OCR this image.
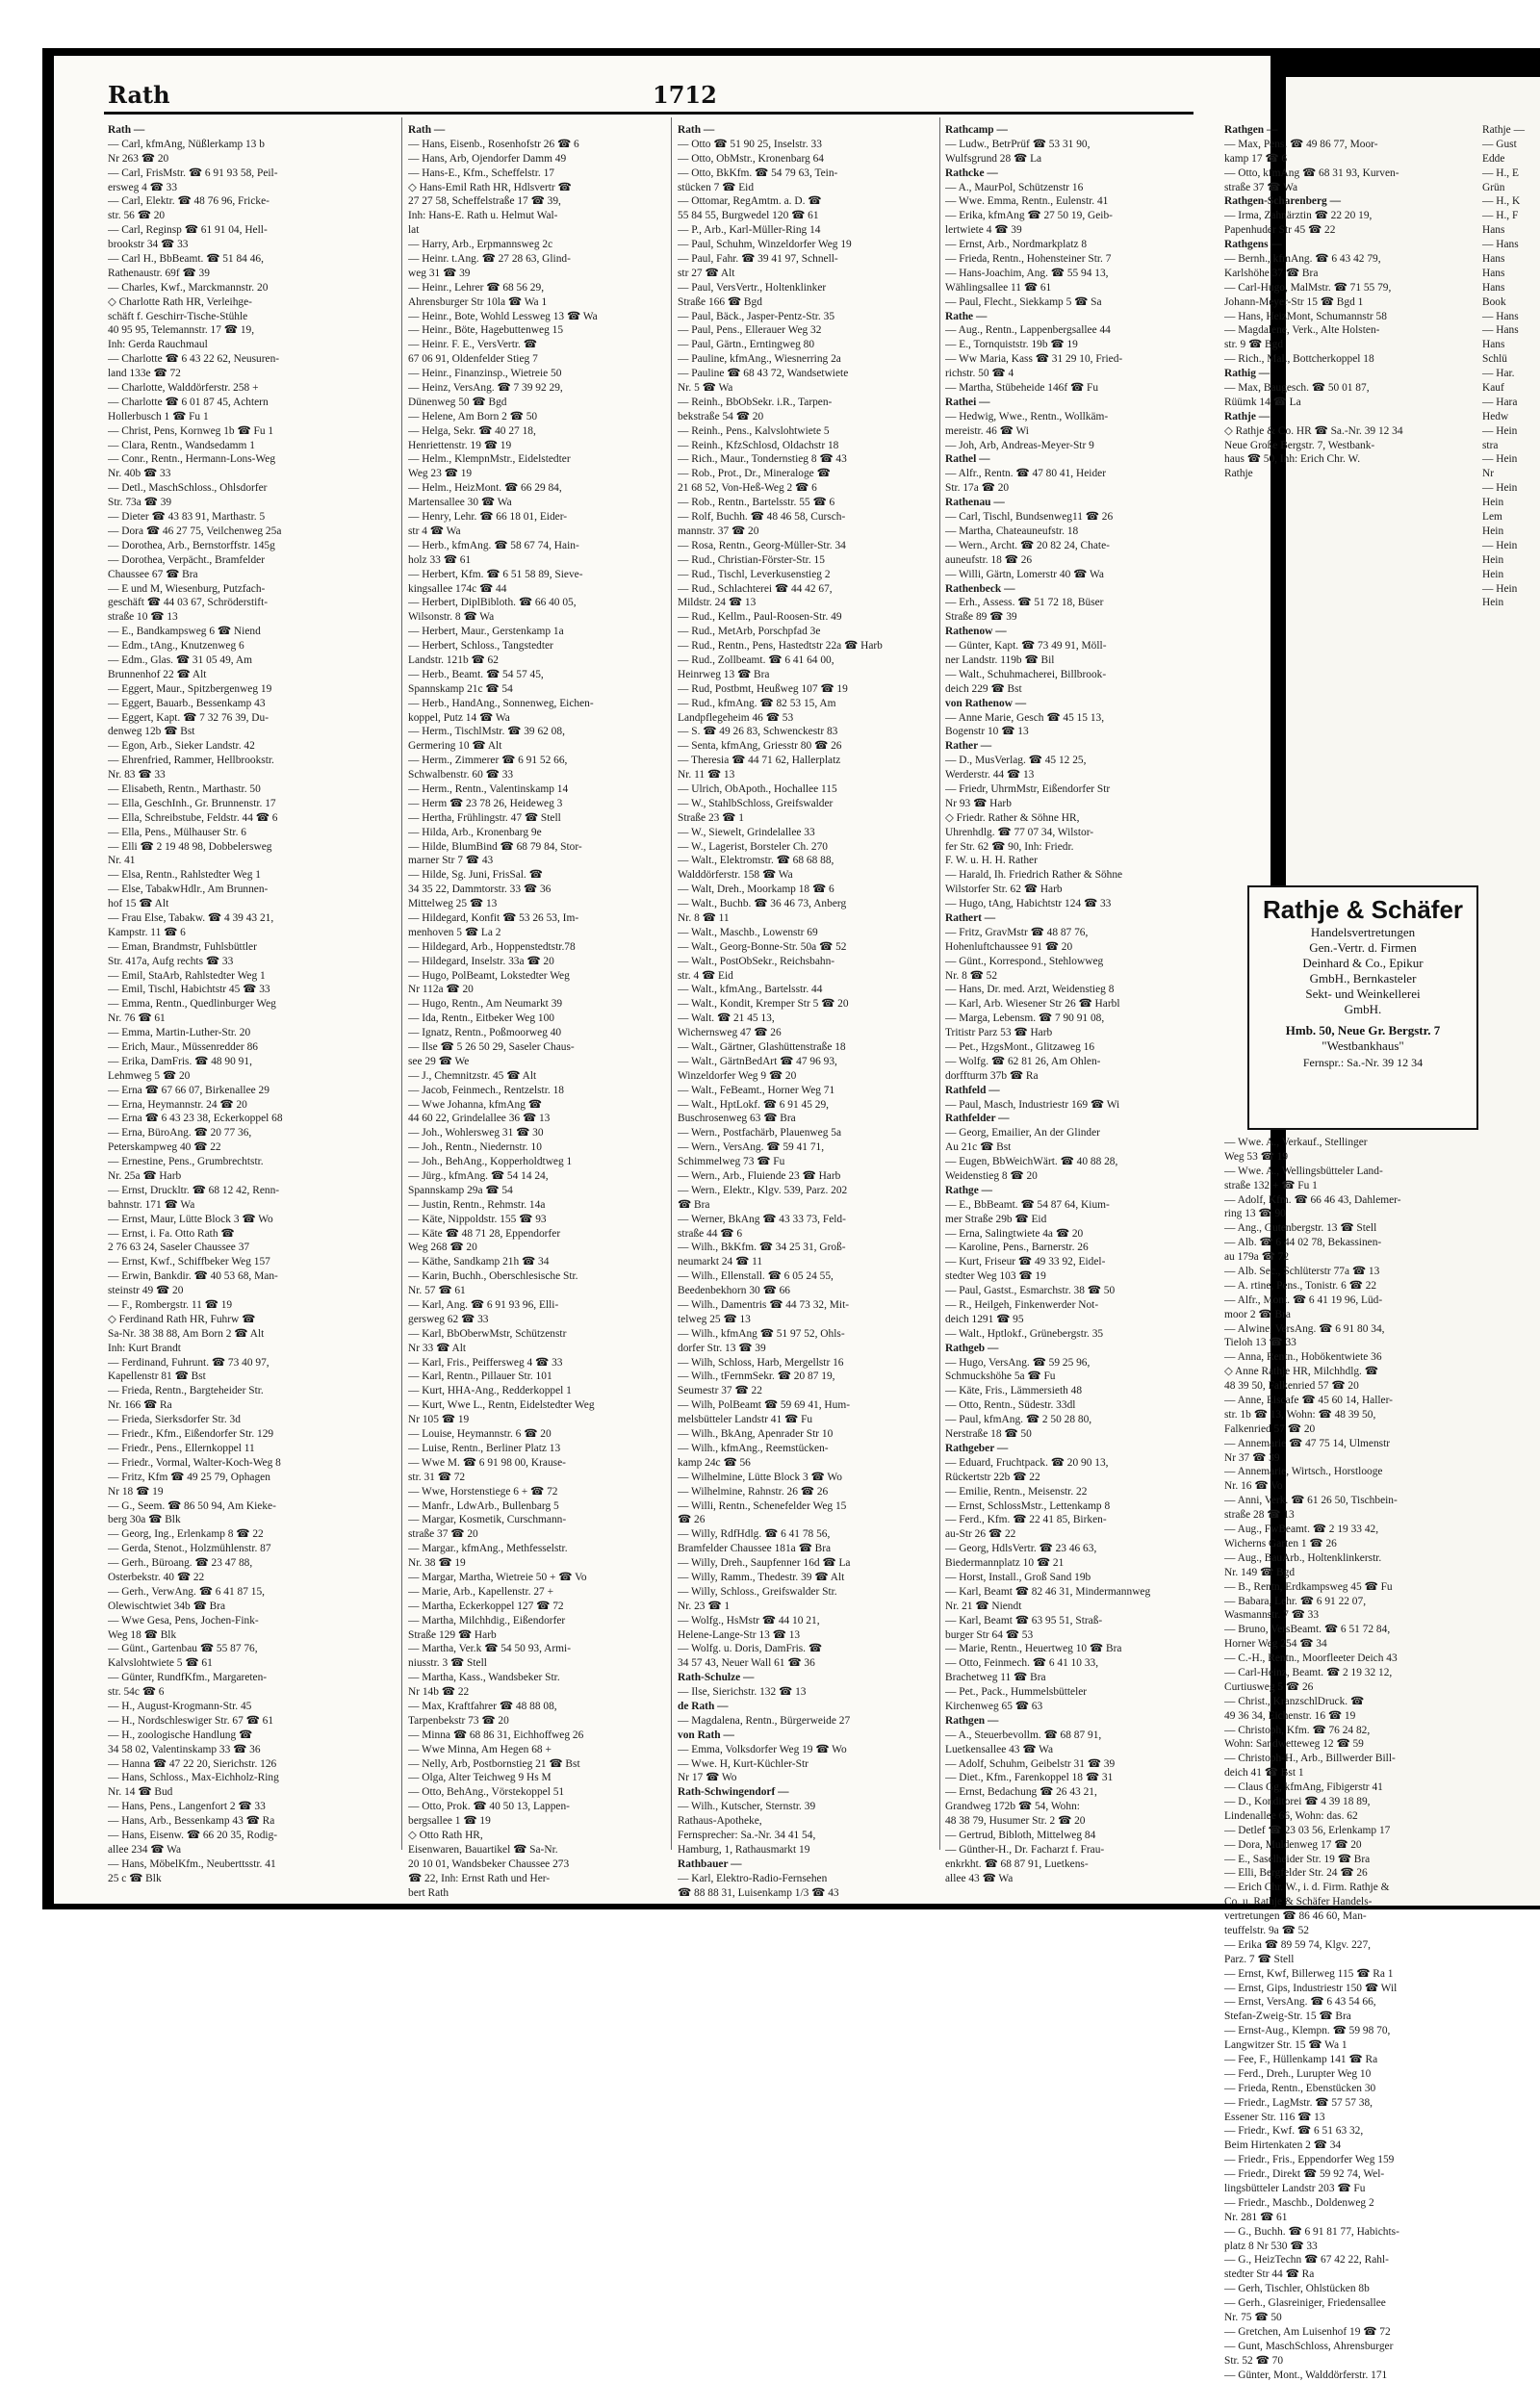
Rath	1712
Rath —
— Carl, kfmAng, Nüßlerkamp 13 b
Nr 263 ☎ 20
— Carl, FrisMstr. ☎ 6 91 93 58, Peil-
ersweg 4 ☎ 33
— Carl, Elektr. ☎ 48 76 96, Fricke-
str. 56 ☎ 20
— Carl, Reginsp ☎ 61 91 04, Hell-
brookstr 34 ☎ 33
— Carl H., BbBeamt. ☎ 51 84 46,
Rathenaustr. 69f ☎ 39
— Charles, Kwf., Marckmannstr. 20
◇ Charlotte Rath HR, Verleihge-
schäft f. Geschirr-Tische-Stühle
40 95 95, Telemannstr. 17 ☎ 19,
Inh: Gerda Rauchmaul
— Charlotte ☎ 6 43 22 62, Neusuren-
land 133e ☎ 72
— Charlotte, Walddörferstr. 258 +
— Charlotte ☎ 6 01 87 45, Achtern
Hollerbusch 1 ☎ Fu 1
— Christ, Pens, Kornweg 1b ☎ Fu 1
— Clara, Rentn., Wandsedamm 1
— Conr., Rentn., Hermann-Lons-Weg
Nr. 40b ☎ 33
— Detl., MaschSchloss., Ohlsdorfer
Str. 73a ☎ 39
— Dieter ☎ 43 83 91, Marthastr. 5
— Dora ☎ 46 27 75, Veilchenweg 25a
— Dorothea, Arb., Bernstorffstr. 145g
— Dorothea, Verpächt., Bramfelder
Chaussee 67 ☎ Bra
— E und M, Wiesenburg, Putzfach-
geschäft ☎ 44 03 67, Schröderstift-
straße 10 ☎ 13
— E., Bandkampsweg 6 ☎ Niend
— Edm., tAng., Knutzenweg 6
— Edm., Glas. ☎ 31 05 49, Am
Brunnenhof 22 ☎ Alt
— Eggert, Maur., Spitzbergenweg 19
— Eggert, Bauarb., Bessenkamp 43
— Eggert, Kapt. ☎ 7 32 76 39, Du-
denweg 12b ☎ Bst
— Egon, Arb., Sieker Landstr. 42
— Ehrenfried, Rammer, Hellbrookstr.
Nr. 83 ☎ 33
— Elisabeth, Rentn., Marthastr. 50
— Ella, GeschInh., Gr. Brunnenstr. 17
— Ella, Schreibstube, Feldstr. 44 ☎ 6
— Ella, Pens., Mülhauser Str. 6
— Elli ☎ 2 19 48 98, Dobbelersweg
Nr. 41
— Elsa, Rentn., Rahlstedter Weg 1
— Else, TabakwHdlr., Am Brunnen-
hof 15 ☎ Alt
— Frau Else, Tabakw. ☎ 4 39 43 21,
Kampstr. 11 ☎ 6
— Eman, Brandmstr, Fuhlsbüttler
Str. 417a, Aufg rechts ☎ 33
— Emil, StaArb, Rahlstedter Weg 1
— Emil, Tischl, Habichtstr 45 ☎ 33
— Emma, Rentn., Quedlinburger Weg
Nr. 76 ☎ 61
— Emma, Martin-Luther-Str. 20
— Erich, Maur., Müssenredder 86
— Erika, DamFris. ☎ 48 90 91,
Lehmweg 5 ☎ 20
— Erna ☎ 67 66 07, Birkenallee 29
— Erna, Heymannstr. 24 ☎ 20
— Erna ☎ 6 43 23 38, Eckerkoppel 68
— Erna, BüroAng. ☎ 20 77 36,
Peterskampweg 40 ☎ 22
— Ernestine, Pens., Grumbrechtstr.
Nr. 25a ☎ Harb
— Ernst, Druckltr. ☎ 68 12 42, Renn-
bahnstr. 171 ☎ Wa
— Ernst, Maur, Lütte Block 3 ☎ Wo
— Ernst, i. Fa. Otto Rath ☎
2 76 63 24, Saseler Chaussee 37
— Ernst, Kwf., Schiffbeker Weg 157
— Erwin, Bankdir. ☎ 40 53 68, Man-
steinstr 49 ☎ 20
— F., Rombergstr. 11 ☎ 19
◇ Ferdinand Rath HR, Fuhrw ☎
Sa-Nr. 38 38 88, Am Born 2 ☎ Alt
Inh: Kurt Brandt
— Ferdinand, Fuhrunt. ☎ 73 40 97,
Kapellenstr 81 ☎ Bst
— Frieda, Rentn., Bargteheider Str.
Nr. 166 ☎ Ra
— Frieda, Sierksdorfer Str. 3d
— Friedr., Kfm., Eißendorfer Str. 129
— Friedr., Pens., Ellernkoppel 11
— Friedr., Vormal, Walter-Koch-Weg 8
— Fritz, Kfm ☎ 49 25 79, Ophagen
Nr 18 ☎ 19
— G., Seem. ☎ 86 50 94, Am Kieke-
berg 30a ☎ Blk
— Georg, Ing., Erlenkamp 8 ☎ 22
— Gerda, Stenot., Holzmühlenstr. 87
— Gerh., Büroang. ☎ 23 47 88,
Osterbekstr. 40 ☎ 22
— Gerh., VerwAng. ☎ 6 41 87 15,
Olewischtwiet 34b ☎ Bra
— Wwe Gesa, Pens, Jochen-Fink-
Weg 18 ☎ Blk
— Günt., Gartenbau ☎ 55 87 76,
Kalvslohtwiete 5 ☎ 61
— Günter, RundfKfm., Margareten-
str. 54c ☎ 6
— H., August-Krogmann-Str. 45
— H., Nordschleswiger Str. 67 ☎ 61
— H., zoologische Handlung ☎
34 58 02, Valentinskamp 33 ☎ 36
— Hanna ☎ 47 22 20, Sierichstr. 126
— Hans, Schloss., Max-Eichholz-Ring
Nr. 14 ☎ Bud
— Hans, Pens., Langenfort 2 ☎ 33
— Hans, Arb., Bessenkamp 43 ☎ Ra
— Hans, Eisenw. ☎ 66 20 35, Rodig-
allee 234 ☎ Wa
— Hans, MöbelKfm., Neuberttsstr. 41
25 c ☎ Blk
Rath —
— Hans, Eisenb., Rosenhofstr 26 ☎ 6
— Hans, Arb, Ojendorfer Damm 49
— Hans-E., Kfm., Scheffelstr. 17
◇ Hans-Emil Rath HR, Hdlsvertr ☎
27 27 58, Scheffelstraße 17 ☎ 39,
Inh: Hans-E. Rath u. Helmut Wal-
lat
— Harry, Arb., Erpmannsweg 2c
— Heinr. t.Ang. ☎ 27 28 63, Glind-
weg 31 ☎ 39
— Heinr., Lehrer ☎ 68 56 29,
Ahrensburger Str 10la ☎ Wa 1
— Heinr., Bote, Wohld Lessweg 13 ☎ Wa
— Heinr., Böte, Hagebuttenweg 15
— Heinr. F. E., VersVertr. ☎
67 06 91, Oldenfelder Stieg 7
— Heinr., Finanzinsp., Wietreie 50
— Heinz, VersAng. ☎ 7 39 92 29,
Dünenweg 50 ☎ Bgd
— Helene, Am Born 2 ☎ 50
— Helga, Sekr. ☎ 40 27 18,
Henriettenstr. 19 ☎ 19
— Helm., KlempnMstr., Eidelstedter
Weg 23 ☎ 19
— Helm., HeizMont. ☎ 66 29 84,
Martensallee 30 ☎ Wa
— Henry, Lehr. ☎ 66 18 01, Eider-
str 4 ☎ Wa
— Herb., kfmAng. ☎ 58 67 74, Hain-
holz 33 ☎ 61
— Herbert, Kfm. ☎ 6 51 58 89, Sieve-
kingsallee 174c ☎ 44
— Herbert, DiplBibloth. ☎ 66 40 05,
Wilsonstr. 8 ☎ Wa
— Herbert, Maur., Gerstenkamp 1a
— Herbert, Schloss., Tangstedter
Landstr. 121b ☎ 62
— Herb., Beamt. ☎ 54 57 45,
Spannskamp 21c ☎ 54
— Herb., HandAng., Sonnenweg, Eichen-
koppel, Putz 14 ☎ Wa
— Herm., TischlMstr. ☎ 39 62 08,
Germering 10 ☎ Alt
— Herm., Zimmerer ☎ 6 91 52 66,
Schwalbenstr. 60 ☎ 33
— Herm., Rentn., Valentinskamp 14
— Herm ☎ 23 78 26, Heideweg 3
— Hertha, Frühlingstr. 47 ☎ Stell
— Hilda, Arb., Kronenbarg 9e
— Hilde, BlumBind ☎ 68 79 84, Stor-
marner Str 7 ☎ 43
— Hilde, Sg. Juni, FrisSal. ☎
34 35 22, Dammtorstr. 33 ☎ 36
Mittelweg 25 ☎ 13
— Hildegard, Konfit ☎ 53 26 53, Im-
menhoven 5 ☎ La 2
— Hildegard, Arb., Hoppenstedtstr.78
— Hildegard, Inselstr. 33a ☎ 20
— Hugo, PolBeamt, Lokstedter Weg
Nr 112a ☎ 20
— Hugo, Rentn., Am Neumarkt 39
— Ida, Rentn., Eitbeker Weg 100
— Ignatz, Rentn., Poßmoorweg 40
— Ilse ☎ 5 26 50 29, Saseler Chaus-
see 29 ☎ We
— J., Chemnitzstr. 45 ☎ Alt
— Jacob, Feinmech., Rentzelstr. 18
— Wwe Johanna, kfmAng ☎
44 60 22, Grindelallee 36 ☎ 13
— Joh., Wohlersweg 31 ☎ 30
— Joh., Rentn., Niedernstr. 10
— Joh., BehAng., Kopperholdtweg 1
— Jürg., kfmAng. ☎ 54 14 24,
Spannskamp 29a ☎ 54
— Justin, Rentn., Rehmstr. 14a
— Käte, Nippoldstr. 155 ☎ 93
— Käte ☎ 48 71 28, Eppendorfer
Weg 268 ☎ 20
— Käthe, Sandkamp 21h ☎ 34
— Karin, Buchh., Oberschlesische Str.
Nr. 57 ☎ 61
— Karl, Ang. ☎ 6 91 93 96, Elli-
gersweg 62 ☎ 33
— Karl, BbOberwMstr, Schützenstr
Nr 33 ☎ Alt
— Karl, Fris., Peiffersweg 4 ☎ 33
— Karl, Rentn., Pillauer Str. 101
— Kurt, HHA-Ang., Redderkoppel 1
— Kurt, Wwe L., Rentn, Eidelstedter Weg
Nr 105 ☎ 19
— Louise, Heymannstr. 6 ☎ 20
— Luise, Rentn., Berliner Platz 13
— Wwe M. ☎ 6 91 98 00, Krause-
str. 31 ☎ 72
— Wwe, Horstenstiege 6 + ☎ 72
— Manfr., LdwArb., Bullenbarg 5
— Margar, Kosmetik, Curschmann-
straße 37 ☎ 20
— Margar., kfmAng., Methfesselstr.
Nr. 38 ☎ 19
— Margar, Martha, Wietreie 50 + ☎ Vo
— Marie, Arb., Kapellenstr. 27 +
— Martha, Eckerkoppel 127 ☎ 72
— Martha, Milchhdig., Eißendorfer
Straße 129 ☎ Harb
— Martha, Ver.k ☎ 54 50 93, Armi-
niusstr. 3 ☎ Stell
— Martha, Kass., Wandsbeker Str.
Nr 14b ☎ 22
— Max, Kraftfahrer ☎ 48 88 08,
Tarpenbekstr 73 ☎ 20
— Minna ☎ 68 86 31, Eichhoffweg 26
— Wwe Minna, Am Hegen 68 +
— Nelly, Arb, Postbornstieg 21 ☎ Bst
— Olga, Alter Teichweg 9 Hs M
— Otto, BehAng., Vörstekoppel 51
— Otto, Prok. ☎ 40 50 13, Lappen-
bergsallee 1 ☎ 19
◇ Otto Rath HR,
Eisenwaren, Bauartikel ☎ Sa-Nr.
20 10 01, Wandsbeker Chaussee 273
☎ 22, Inh: Ernst Rath und Her-
bert Rath
Rath —
— Otto ☎ 51 90 25, Inselstr. 33
— Otto, ObMstr., Kronenbarg 64
— Otto, BkKfm. ☎ 54 79 63, Tein-
stücken 7 ☎ Eid
— Ottomar, RegAmtm. a. D. ☎
55 84 55, Burgwedel 120 ☎ 61
— P., Arb., Karl-Müller-Ring 14
— Paul, Schuhm, Winzeldorfer Weg 19
— Paul, Fahr. ☎ 39 41 97, Schnell-
str 27 ☎ Alt
— Paul, VersVertr., Holtenklinker
Straße 166 ☎ Bgd
— Paul, Bäck., Jasper-Pentz-Str. 35
— Paul, Pens., Ellerauer Weg 32
— Paul, Gärtn., Erntingweg 80
— Pauline, kfmAng., Wiesnerring 2a
— Pauline ☎ 68 43 72, Wandsetwiete
Nr. 5 ☎ Wa
— Reinh., BbObSekr. i.R., Tarpen-
bekstraße 54 ☎ 20
— Reinh., Pens., Kalvslohtwiete 5
— Reinh., KfzSchlosd, Oldachstr 18
— Rich., Maur., Tondernstieg 8 ☎ 43
— Rob., Prot., Dr., Mineraloge ☎
21 68 52, Von-Heß-Weg 2 ☎ 6
— Rob., Rentn., Bartelsstr. 55 ☎ 6
— Rolf, Buchh. ☎ 48 46 58, Cursch-
mannstr. 37 ☎ 20
— Rosa, Rentn., Georg-Müller-Str. 34
— Rud., Christian-Förster-Str. 15
— Rud., Tischl, Leverkusenstieg 2
— Rud., Schlachterei ☎ 44 42 67,
Mildstr. 24 ☎ 13
— Rud., Kellm., Paul-Roosen-Str. 49
— Rud., MetArb, Porschpfad 3e
— Rud., Rentn., Pens, Hastedtstr 22a ☎ Harb
— Rud., Zollbeamt. ☎ 6 41 64 00,
Heinrweg 13 ☎ Bra
— Rud, Postbmt, Heußweg 107 ☎ 19
— Rud., kfmAng. ☎ 82 53 15, Am
Landpflegeheim 46 ☎ 53
— S. ☎ 49 26 83, Schwenckestr 83
— Senta, kfmAng, Griesstr 80 ☎ 26
— Theresia ☎ 44 71 62, Hallerplatz
Nr. 11 ☎ 13
— Ulrich, ObApoth., Hochallee 115
— W., StahlbSchloss, Greifswalder
Straße 23 ☎ 1
— W., Siewelt, Grindelallee 33
— W., Lagerist, Borsteler Ch. 270
— Walt., Elektromstr. ☎ 68 68 88,
Walddörferstr. 158 ☎ Wa
— Walt, Dreh., Moorkamp 18 ☎ 6
— Walt., Buchb. ☎ 36 46 73, Anberg
Nr. 8 ☎ 11
— Walt., Maschb., Lowenstr 69
— Walt., Georg-Bonne-Str. 50a ☎ 52
— Walt., PostObSekr., Reichsbahn-
str. 4 ☎ Eid
— Walt., kfmAng., Bartelsstr. 44
— Walt., Kondit, Kremper Str 5 ☎ 20
— Walt. ☎ 21 45 13,
Wichernsweg 47 ☎ 26
— Walt., Gärtner, Glashüttenstraße 18
— Walt., GärtnBedArt ☎ 47 96 93,
Winzeldorfer Weg 9 ☎ 20
— Walt., FeBeamt., Horner Weg 71
— Walt., HptLokf. ☎ 6 91 45 29,
Buschrosenweg 63 ☎ Bra
— Wern., Postfachärb, Plauenweg 5a
— Wern., VersAng. ☎ 59 41 71,
Schimmelweg 73 ☎ Fu
— Wern., Arb., Fluiende 23 ☎ Harb
— Wern., Elektr., Klgv. 539, Parz. 202
☎ Bra
— Werner, BkAng ☎ 43 33 73, Feld-
straße 44 ☎ 6
— Wilh., BkKfm. ☎ 34 25 31, Groß-
neumarkt 24 ☎ 11
— Wilh., Ellenstall. ☎ 6 05 24 55,
Beedenbekhorn 30 ☎ 66
— Wilh., Damentris ☎ 44 73 32, Mit-
telweg 25 ☎ 13
— Wilh., kfmAng ☎ 51 97 52, Ohls-
dorfer Str. 13 ☎ 39
— Wilh, Schloss, Harb, Mergellstr 16
— Wilh., tFernmSekr. ☎ 20 87 19,
Seumestr 37 ☎ 22
— Wilh, PolBeamt ☎ 59 69 41, Hum-
melsbütteler Landstr 41 ☎ Fu
— Wilh., BkAng, Apenrader Str 10
— Wilh., kfmAng., Reemstücken-
kamp 24c ☎ 56
— Wilhelmine, Lütte Block 3 ☎ Wo
— Wilhelmine, Rahnstr. 26 ☎ 26
— Willi, Rentn., Schenefelder Weg 15
☎ 26
— Willy, RdfHdlg. ☎ 6 41 78 56,
Bramfelder Chaussee 181a ☎ Bra
— Willy, Dreh., Saupfenner 16d ☎ La
— Willy, Ramm., Thedestr. 39 ☎ Alt
— Willy, Schloss., Greifswalder Str.
Nr. 23 ☎ 1
— Wolfg., HsMstr ☎ 44 10 21,
Helene-Lange-Str 13 ☎ 13
— Wolfg. u. Doris, DamFris. ☎
34 57 43, Neuer Wall 61 ☎ 36
Rath-Schulze —
— Ilse, Sierichstr. 132 ☎ 13
de Rath —
— Magdalena, Rentn., Bürgerweide 27
von Rath —
— Emma, Volksdorfer Weg 19 ☎ Wo
— Wwe. H, Kurt-Küchler-Str
Nr 17 ☎ Wo
Rath-Schwingendorf —
— Wilh., Kutscher, Sternstr. 39
Rathaus-Apotheke,
Fernsprecher: Sa.-Nr. 34 41 54,
Hamburg, 1, Rathausmarkt 19
Rathbauer —
— Karl, Elektro-Radio-Fernsehen
☎ 88 88 31, Luisenkamp 1/3 ☎ 43
Rathcamp —
— Ludw., BetrPrüf ☎ 53 31 90,
Wulfsgrund 28 ☎ La
Rathcke —
— A., MaurPol, Schützenstr 16
— Wwe. Emma, Rentn., Eulenstr. 41
— Erika, kfmAng ☎ 27 50 19, Geib-
lertwiete 4 ☎ 39
— Ernst, Arb., Nordmarkplatz 8
— Frieda, Rentn., Hohensteiner Str. 7
— Hans-Joachim, Ang. ☎ 55 94 13,
Wählingsallee 11 ☎ 61
— Paul, Flecht., Siekkamp 5 ☎ Sa
Rathe —
— Aug., Rentn., Lappenbergsallee 44
— E., Tornquiststr. 19b ☎ 19
— Ww Maria, Kass ☎ 31 29 10, Fried-
richstr. 50 ☎ 4
— Martha, Stübeheide 146f ☎ Fu
Rathei —
— Hedwig, Wwe., Rentn., Wollkäm-
mereistr. 46 ☎ Wi
— Joh, Arb, Andreas-Meyer-Str 9
Rathel —
— Alfr., Rentn. ☎ 47 80 41, Heider
Str. 17a ☎ 20
Rathenau —
— Carl, Tischl, Bundsenweg11 ☎ 26
— Martha, Chateauneufstr. 18
— Wern., Archt. ☎ 20 82 24, Chate-
auneufstr. 18 ☎ 26
— Willi, Gärtn, Lomerstr 40 ☎ Wa
Rathenbeck —
— Erh., Assess. ☎ 51 72 18, Büser
Straße 89 ☎ 39
Rathenow —
— Günter, Kapt. ☎ 73 49 91, Möll-
ner Landstr. 119b ☎ Bil
— Walt., Schuhmacherei, Billbrook-
deich 229 ☎ Bst
von Rathenow —
— Anne Marie, Gesch ☎ 45 15 13,
Bogenstr 10 ☎ 13
Rather —
— D., MusVerlag. ☎ 45 12 25,
Werderstr. 44 ☎ 13
— Friedr, UhrmMstr, Eißendorfer Str
Nr 93 ☎ Harb
◇ Friedr. Rather & Söhne HR,
Uhrenhdlg. ☎ 77 07 34, Wilstor-
fer Str. 62 ☎ 90, Inh: Friedr.
F. W. u. H. H. Rather
— Harald, Ih. Friedrich Rather & Söhne
Wilstorfer Str. 62 ☎ Harb
— Hugo, tAng, Habichtstr 124 ☎ 33
Rathert —
— Fritz, GravMstr ☎ 48 87 76,
Hohenluftchaussee 91 ☎ 20
— Günt., Korrespond., Stehlowweg
Nr. 8 ☎ 52
— Hans, Dr. med. Arzt, Weidenstieg 8
— Karl, Arb. Wiesener Str 26 ☎ Harbl
— Marga, Lebensm. ☎ 7 90 91 08,
Tritistr Parz 53 ☎ Harb
— Pet., HzgsMont., Glitzaweg 16
— Wolfg. ☎ 62 81 26, Am Ohlen-
dorffturm 37b ☎ Ra
Rathfeld —
— Paul, Masch, Industriestr 169 ☎ Wi
Rathfelder —
— Georg, Emailier, An der Glinder
Au 21c ☎ Bst
— Eugen, BbWeichWärt. ☎ 40 88 28,
Weidenstieg 8 ☎ 20
Rathge —
— E., BbBeamt. ☎ 54 87 64, Kium-
mer Straße 29b ☎ Eid
— Erna, Salingtwiete 4a ☎ 20
— Karoline, Pens., Barnerstr. 26
— Kurt, Friseur ☎ 49 33 92, Eidel-
stedter Weg 103 ☎ 19
— Paul, Gastst., Esmarchstr. 38 ☎ 50
— R., Heilgeh, Finkenwerder Not-
deich 1291 ☎ 95
— Walt., Hptlokf., Grünebergstr. 35
Rathgeb —
— Hugo, VersAng. ☎ 59 25 96,
Schmuckshöhe 5a ☎ Fu
— Käte, Fris., Lämmersieth 48
— Otto, Rentn., Südestr. 33dl
— Paul, kfmAng. ☎ 2 50 28 80,
Nerstraße 18 ☎ 50
Rathgeber —
— Eduard, Fruchtpack. ☎ 20 90 13,
Rückertstr 22b ☎ 22
— Emilie, Rentn., Meisenstr. 22
— Ernst, SchlossMstr., Lettenkamp 8
— Ferd., Kfm. ☎ 22 41 85, Birken-
au-Str 26 ☎ 22
— Georg, HdlsVertr. ☎ 23 46 63,
Biedermannplatz 10 ☎ 21
— Horst, Install., Groß Sand 19b
— Karl, Beamt ☎ 82 46 31, Mindermannweg
Nr. 21 ☎ Niendt
— Karl, Beamt ☎ 63 95 51, Straß-
burger Str 64 ☎ 53
— Marie, Rentn., Heuertweg 10 ☎ Bra
— Otto, Feinmech. ☎ 6 41 10 33,
Brachetweg 11 ☎ Bra
— Pet., Pack., Hummelsbütteler
Kirchenweg 65 ☎ 63
Rathgen —
— A., Steuerbevollm. ☎ 68 87 91,
Luetkensallee 43 ☎ Wa
— Adolf, Schuhm, Geibelstr 31 ☎ 39
— Diet., Kfm., Farenkoppel 18 ☎ 31
— Ernst, Bedachung ☎ 26 43 21,
Grandweg 172b ☎ 54, Wohn:
48 38 79, Husumer Str. 2 ☎ 20
— Gertrud, Bibloth, Mittelweg 84
— Günther-H., Dr. Facharzt f. Frau-
enkrkht. ☎ 68 87 91, Luetkens-
allee 43 ☎ Wa
Rathgen —
— Max, Pens. ☎ 49 86 77, Moor-
kamp 17 ☎ 6
— Otto, kfmAng ☎ 68 31 93, Kurven-
straße 37 ☎ Wa
Rathgen-Scharenberg —
— Irma, Zahnärztin ☎ 22 20 19,
Papenhuder Str 45 ☎ 22
Rathgens —
— Bernh., kfmAng. ☎ 6 43 42 79,
Karlshöhe 37 ☎ Bra
— Carl-Hugo, MalMstr. ☎ 71 55 79,
Johann-Meyer-Str 15 ☎ Bgd 1
— Hans, HeizMont, Schumannstr 58
— Magdalene, Verk., Alte Holsten-
str. 9 ☎ Bgd
— Rich., Mal., Bottcherkoppel 18
Rathig —
— Max, Baugesch. ☎ 50 01 87,
Rüümk 14 ☎ La
Rathje —
◇ Rathje & Co. HR ☎ Sa.-Nr. 39 12 34
Neue Große Bergstr. 7, Westbank-
haus ☎ 50, Inh: Erich Chr. W.
Rathje
Rathje & Schäfer
Handelsvertretungen
Gen.-Vertr. d. Firmen
Deinhard & Co., Epikur
GmbH., Bernkasteler
Sekt- und Weinkellerei
GmbH.
Hmb. 50, Neue Gr. Bergstr. 7
"Westbankhaus"
Fernspr.: Sa.-Nr. 39 12 34
— Wwe. A., Verkauf., Stellinger
Weg 53 ☎ 19
— Wwe. A., Wellingsbütteler Land-
straße 132 + ☎ Fu 1
— Adolf, Kfm. ☎ 66 46 43, Dahlemer-
ring 13 ☎ 90
— Ang., Gutenbergstr. 13 ☎ Stell
— Alb. ☎ 6 44 02 78, Bekassinen-
au 179a ☎ 72
— Alb. Sec., Schlüterstr 77a ☎ 13
— A. rtine, Pens., Tonistr. 6 ☎ 22
— Alfr., Mont. ☎ 6 41 19 96, Lüd-
moor 2 ☎ Bra
— Alwine, VersAng. ☎ 6 91 80 34,
Tieloh 13 ☎ 33
— Anna, Rentn., Hobökentwiete 36
◇ Anne Rathje HR, Milchhdlg. ☎
48 39 50, Falkenried 57 ☎ 20
— Anne, Eiscafe ☎ 45 60 14, Haller-
str. 1b ☎ 13, Wohn: ☎ 48 39 50,
Falkenried 57 ☎ 20
— Annemarie ☎ 47 75 14, Ulmenstr
Nr 37 ☎ 39
— Annemarie, Wirtsch., Horstlooge
Nr. 16 ☎ Vo
— Anni, Verk. ☎ 61 26 50, Tischbein-
straße 28 ☎ 13
— Aug., FwBeamt. ☎ 2 19 33 42,
Wicherns Garten 1 ☎ 26
— Aug., BauArb., Holtenklinkerstr.
Nr. 149 ☎ Bgd
— B., Rentn, Erdkampsweg 45 ☎ Fu
— Babara, Lehr. ☎ 6 91 22 07,
Wasmannstr. 7 ☎ 33
— Bruno, VersBeamt. ☎ 6 51 72 84,
Horner Weg 254 ☎ 34
— C.-H., Rentn., Moorfleeter Deich 43
— Carl-Heinz, Beamt. ☎ 2 19 32 12,
Curtiusweg 5 ☎ 26
— Christ., KranzschlDruck. ☎
49 36 34, Eichenstr. 16 ☎ 19
— Christoph, Kfm. ☎ 76 24 82,
Wohn: Sandwetteweg 12 ☎ 59
— Christoph-H., Arb., Billwerder Bill-
deich 41 ☎ Bst 1
— Claus Gg, kfmAng, Fibigerstr 41
— D., Konditorei ☎ 4 39 18 89,
Lindenallee 66, Wohn: das. 62
— Detlef ☎ 23 03 56, Erlenkamp 17
— Dora, Muldenweg 17 ☎ 20
— E., Saselheider Str. 19 ☎ Bra
— Elli, Bergfelder Str. 24 ☎ 26
— Erich Chr. W., i. d. Firm. Rathje &
Co. u. Rathje & Schäfer Handels-
vertretungen ☎ 86 46 60, Man-
teuffelstr. 9a ☎ 52
— Erika ☎ 89 59 74, Klgv. 227,
Parz. 7 ☎ Stell
— Ernst, Kwf, Billerweg 115 ☎ Ra 1
— Ernst, Gips, Industriestr 150 ☎ Wil
— Ernst, VersAng. ☎ 6 43 54 66,
Stefan-Zweig-Str. 15 ☎ Bra
— Ernst-Aug., Klempn. ☎ 59 98 70,
Langwitzer Str. 15 ☎ Wa 1
— Fee, F., Hüllenkamp 141 ☎ Ra
— Ferd., Dreh., Lurupter Weg 10
— Frieda, Rentn., Ebenstücken 30
— Friedr., LagMstr. ☎ 57 57 38,
Essener Str. 116 ☎ 13
— Friedr., Kwf. ☎ 6 51 63 32,
Beim Hirtenkaten 2 ☎ 34
— Friedr., Fris., Eppendorfer Weg 159
— Friedr., Direkt ☎ 59 92 74, Wel-
lingsbütteler Landstr 203 ☎ Fu
— Friedr., Maschb., Doldenweg 2
Nr. 281 ☎ 61
— G., Buchh. ☎ 6 91 81 77, Habichts-
platz 8 Nr 530 ☎ 33
— G., HeizTechn ☎ 67 42 22, Rahl-
stedter Str 44 ☎ Ra
— Gerh, Tischler, Ohlstücken 8b
— Gerh., Glasreiniger, Friedensallee
Nr. 75 ☎ 50
— Gretchen, Am Luisenhof 19 ☎ 72
— Gunt, MaschSchloss, Ahrensburger
Str. 52 ☎ 70
— Günter, Mont., Walddörferstr. 171
Rathje —
— Gust
Edde
— H., E
Grün
— H., K
— H., F
Hans
— Hans
Hans
Hans
Hans
Book
— Hans
— Hans
Hans
Schlü
— Har.
Kauf
— Hara
Hedw
— Hein
stra
— Hein
Nr
— Hein
Hein
Lem
Hein
— Hein
Hein
Hein
— Hein
Hein
